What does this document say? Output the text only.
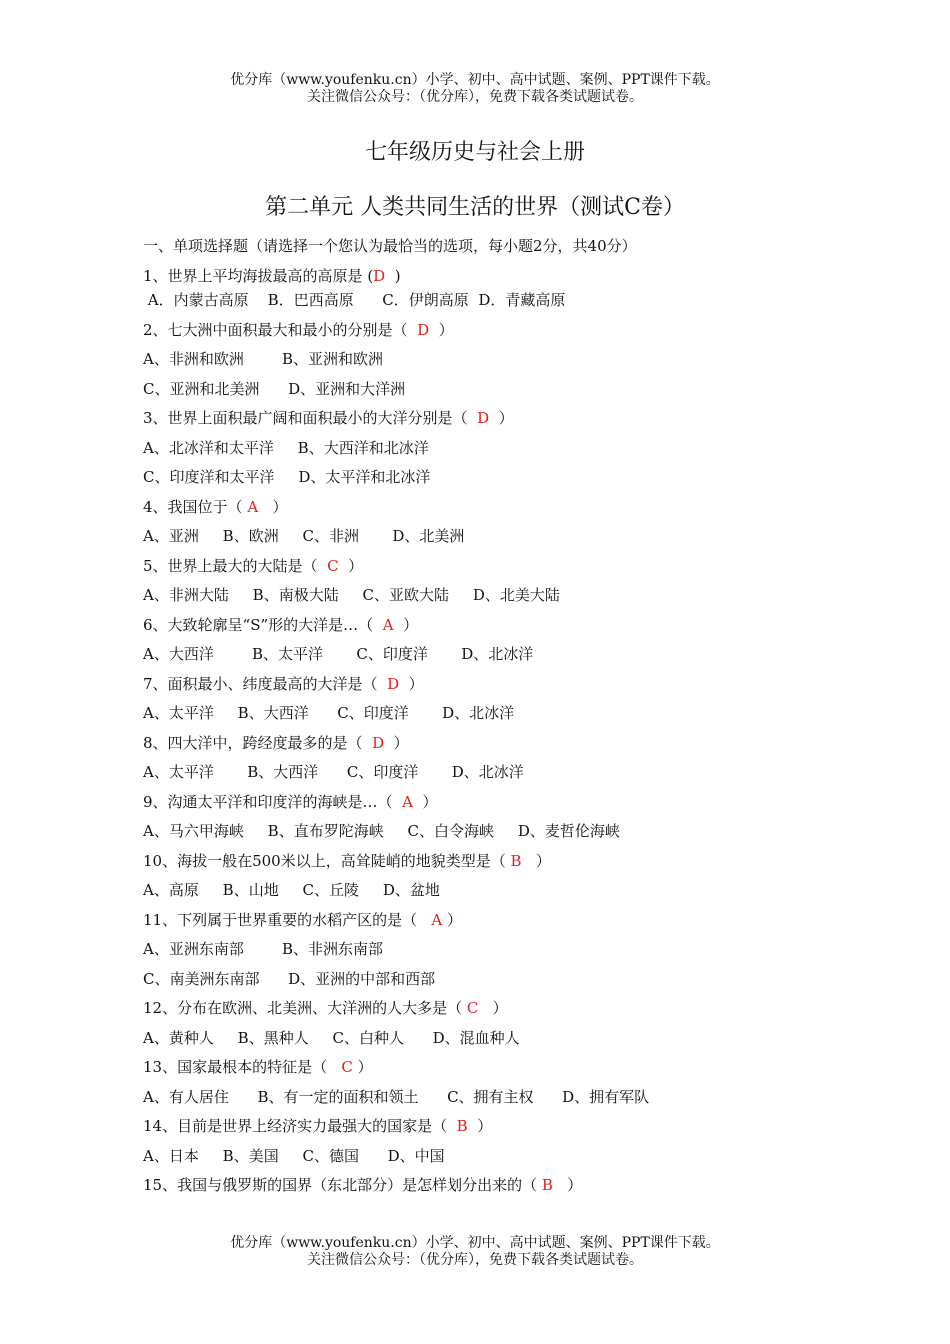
优分库（www.youfenku.cn）小学、初中、高中试题、案例、PPT课件下载。
关注微信公众号：（优分库），免费下载各类试题试卷。
七年级历史与社会上册
第二单元 人类共同生活的世界（测试C卷）
一、单项选择题（请选择一个您认为最恰当的选项，每小题2分，共40分）
1、世界上平均海拔最高的高原是 (D  )
A．内蒙古高原    B．巴西高原      C．伊朗高原  D．青藏高原
2、七大洲中面积最大和最小的分别是（  D  ）
A、非洲和欧洲        B、亚洲和欧洲
C、亚洲和北美洲      D、亚洲和大洋洲
3、世界上面积最广阔和面积最小的大洋分别是（  D  ）
A、北冰洋和太平洋     B、大西洋和北冰洋
C、印度洋和太平洋     D、太平洋和北冰洋
4、我国位于（ A   ）
A、亚洲     B、欧洲     C、非洲       D、北美洲
5、世界上最大的大陆是（  C  ）
A、非洲大陆     B、南极大陆     C、亚欧大陆     D、北美大陆
6、大致轮廓呈“S”形的大洋是…（  A  ）
A、大西洋        B、太平洋       C、印度洋       D、北冰洋
7、面积最小、纬度最高的大洋是（  D  ）
A、太平洋     B、大西洋      C、印度洋       D、北冰洋
8、四大洋中，跨经度最多的是（  D  ）
A、太平洋       B、大西洋      C、印度洋       D、北冰洋
9、沟通太平洋和印度洋的海峡是…（  A  ）
A、马六甲海峡     B、直布罗陀海峡     C、白令海峡     D、麦哲伦海峡
10、海拔一般在500米以上，高耸陡峭的地貌类型是（ B   ）
A、高原     B、山地     C、丘陵     D、盆地
11、下列属于世界重要的水稻产区的是（   A ）
A、亚洲东南部        B、非洲东南部
C、南美洲东南部      D、亚洲的中部和西部
12、分布在欧洲、北美洲、大洋洲的人大多是（ C   ）
A、黄种人     B、黑种人     C、白种人      D、混血种人
13、国家最根本的特征是（   C ）
A、有人居住      B、有一定的面积和领土      C、拥有主权      D、拥有军队
14、目前是世界上经济实力最强大的国家是（  B  ）
A、日本     B、美国     C、德国      D、中国
15、我国与俄罗斯的国界（东北部分）是怎样划分出来的（ B   ）
优分库（www.youfenku.cn）小学、初中、高中试题、案例、PPT课件下载。
关注微信公众号：（优分库），免费下载各类试题试卷。
